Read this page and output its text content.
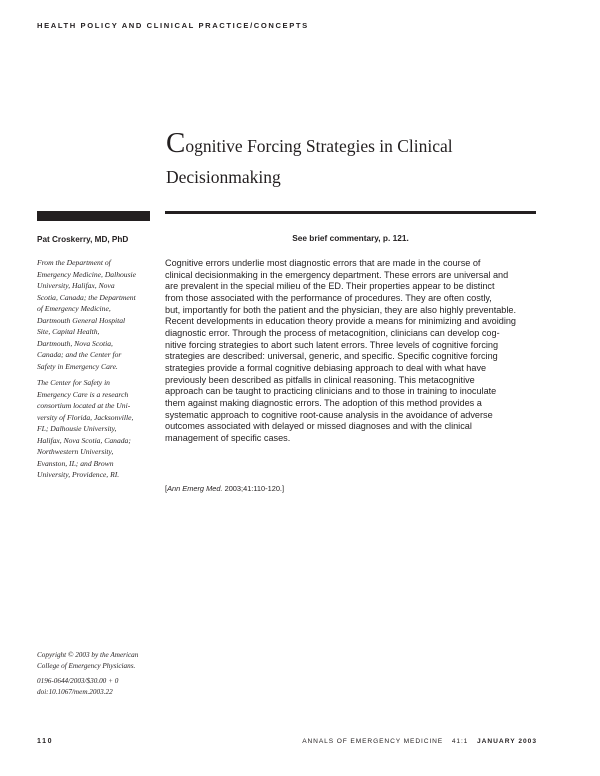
HEALTH POLICY AND CLINICAL PRACTICE/CONCEPTS
Cognitive Forcing Strategies in Clinical
Decisionmaking
Pat Croskerry, MD, PhD
From the Department of
Emergency Medicine, Dalhousie
University, Halifax, Nova
Scotia, Canada; the Department
of Emergency Medicine,
Dartmouth General Hospital
Site, Capital Health,
Dartmouth, Nova Scotia,
Canada; and the Center for
Safety in Emergency Care.
The Center for Safety in
Emergency Care is a research
consortium located at the Uni-
versity of Florida, Jacksonville,
FL; Dalhousie University,
Halifax, Nova Scotia, Canada;
Northwestern University,
Evanston, IL; and Brown
University, Providence, RI.
See brief commentary, p. 121.
Cognitive errors underlie most diagnostic errors that are made in the course of
clinical decisionmaking in the emergency department. These errors are universal and
are prevalent in the special milieu of the ED. Their properties appear to be distinct
from those associated with the performance of procedures. They are often costly,
but, importantly for both the patient and the physician, they are also highly preventable.
Recent developments in education theory provide a means for minimizing and avoiding
diagnostic error. Through the process of metacognition, clinicians can develop cog-
nitive forcing strategies to abort such latent errors. Three levels of cognitive forcing
strategies are described: universal, generic, and specific. Specific cognitive forcing
strategies provide a formal cognitive debiasing approach to deal with what have
previously been described as pitfalls in clinical reasoning. This metacognitive
approach can be taught to practicing clinicians and to those in training to inoculate
them against making diagnostic errors. The adoption of this method provides a
systematic approach to cognitive root-cause analysis in the avoidance of adverse
outcomes associated with delayed or missed diagnoses and with the clinical
management of specific cases.
[Ann Emerg Med. 2003;41:110-120.]
Copyright © 2003 by the American
College of Emergency Physicians.
0196-0644/2003/$30.00 + 0
doi:10.1067/mem.2003.22
110	ANNALS OF EMERGENCY MEDICINE 41:1 JANUARY 2003
